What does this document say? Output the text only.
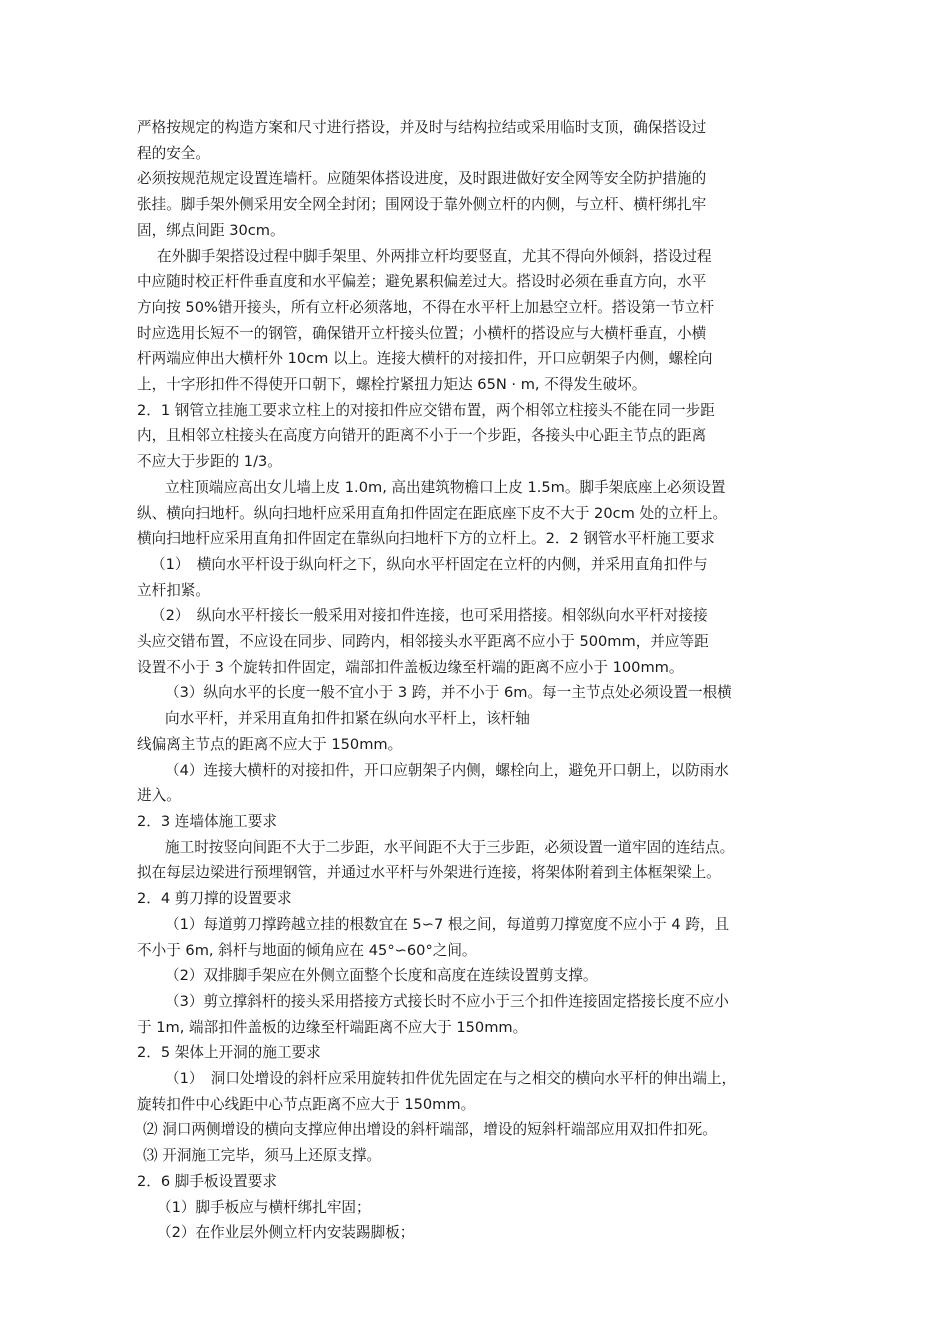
严格按规定的构造方案和尺寸进行搭设，并及时与结构拉结或采用临时支顶，确保搭设过

程的安全。

必须按规范规定设置连墙杆。应随架体搭设进度，及时跟进做好安全网等安全防护措施的

张挂。脚手架外侧采用安全网全封闭；围网设于靠外侧立杆的内侧，与立杆、横杆绑扎牢

固，绑点间距 30cm。

在外脚手架搭设过程中脚手架里、外两排立杆均要竖直，尤其不得向外倾斜，搭设过程

中应随时校正杆件垂直度和水平偏差；避免累积偏差过大。搭设时必须在垂直方向，水平

方向按 50%错开接头，所有立杆必须落地，不得在水平杆上加悬空立杆。搭设第一节立杆

时应选用长短不一的钢管，确保错开立杆接头位置；小横杆的搭设应与大横杆垂直，小横

杆两端应伸出大横杆外 10cm 以上。连接大横杆的对接扣件，开口应朝架子内侧，螺栓向

上，十字形扣件不得使开口朝下，螺栓拧紧扭力矩达 65N · m, 不得发生破坏。

2．1 钢管立挂施工要求立柱上的对接扣件应交错布置，两个相邻立柱接头不能在同一步距

内，且相邻立柱接头在高度方向错开的距离不小于一个步距，各接头中心距主节点的距离

不应大于步距的 1/3。

立柱顶端应高出女儿墙上皮 1.0m, 高出建筑物檐口上皮 1.5m。脚手架底座上必须设置

纵、横向扫地杆。纵向扫地杆应采用直角扣件固定在距底座下皮不大于 20cm 处的立杆上。

横向扫地杆应采用直角扣件固定在靠纵向扫地杆下方的立杆上。2．2 钢管水平杆施工要求

（1）　横向水平杆设于纵向杆之下，纵向水平杆固定在立杆的内侧，并采用直角扣件与

立杆扣紧。

（2）　纵向水平杆接长一般采用对接扣件连接，也可采用搭接。相邻纵向水平杆对接接

头应交错布置，不应设在同步、同跨内，相邻接头水平距离不应小于 500mm，并应等距

设置不小于 3 个旋转扣件固定，端部扣件盖板边缘至杆端的距离不应小于 100mm。

（3）纵向水平的长度一般不宜小于 3 跨，并不小于 6m。每一主节点处必须设置一根横

向水平杆，并采用直角扣件扣紧在纵向水平杆上，该杆轴

线偏离主节点的距离不应大于 150mm。

（4）连接大横杆的对接扣件，开口应朝架子内侧，螺栓向上，避免开口朝上，以防雨水

进入。

2．3 连墙体施工要求

施工时按竖向间距不大于二步距，水平间距不大于三步距，必须设置一道牢固的连结点。

拟在每层边梁进行预埋钢管，并通过水平杆与外架进行连接，将架体附着到主体框架梁上。

2．4 剪刀撑的设置要求

（1）每道剪刀撑跨越立挂的根数宜在 5∽7 根之间，每道剪刀撑宽度不应小于 4 跨，且

不小于 6m, 斜杆与地面的倾角应在 45°∽60°之间。

（2）双排脚手架应在外侧立面整个长度和高度在连续设置剪支撑。

（3）剪立撑斜杆的接头采用搭接方式接长时不应小于三个扣件连接固定搭接长度不应小

于 1m, 端部扣件盖板的边缘至杆端距离不应大于 150mm。

2．5 架体上开洞的施工要求

（1）　洞口处增设的斜杆应采用旋转扣件优先固定在与之相交的横向水平杆的伸出端上，

旋转扣件中心线距中心节点距离不应大于 150mm。

⑵ 洞口两侧增设的横向支撑应伸出增设的斜杆端部，增设的短斜杆端部应用双扣件扣死。

⑶ 开洞施工完毕，须马上还原支撑。

2．6 脚手板设置要求

（1）脚手板应与横杆绑扎牢固；

（2）在作业层外侧立杆内安装踢脚板；
